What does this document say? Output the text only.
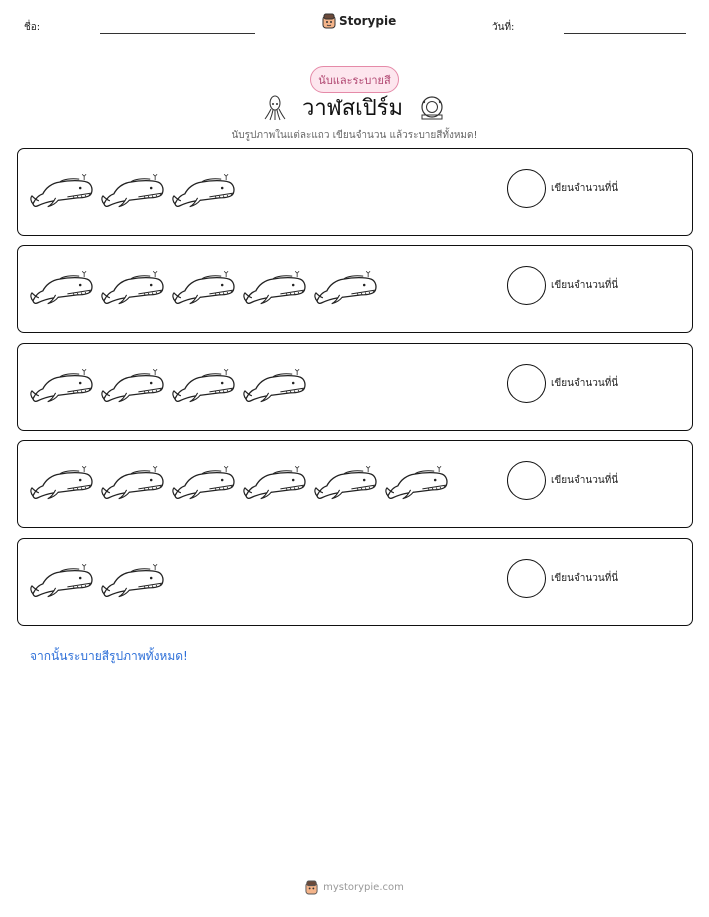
ชื่อ:	Storypie	วันที่:
นับและระบายสี
วาฬสเปิร์ม
นับรูปภาพในแต่ละแถว เขียนจำนวน แล้วระบายสีทั้งหมด!
เขียนจำนวนที่นี่
เขียนจำนวนที่นี่
เขียนจำนวนที่นี่
เขียนจำนวนที่นี่
เขียนจำนวนที่นี่
จากนั้นระบายสีรูปภาพทั้งหมด!
mystorypie.com
